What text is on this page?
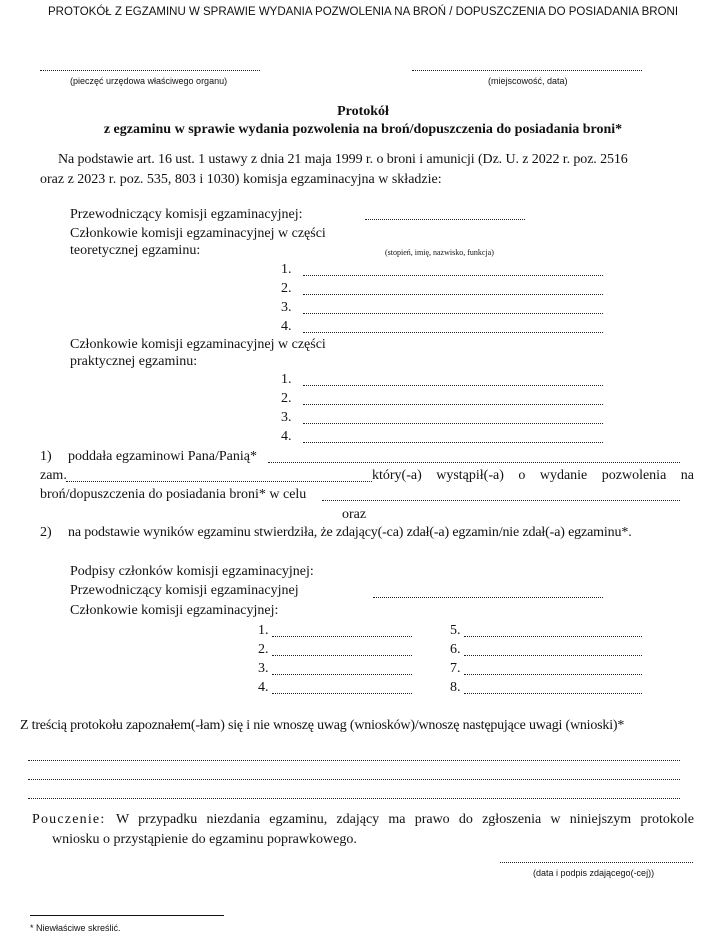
PROTOKÓŁ Z EGZAMINU W SPRAWIE WYDANIA POZWOLENIA NA BROŃ / DOPUSZCZENIA DO POSIADANIA BRONI
(pieczęć urzędowa właściwego organu)	(miejscowość, data)
Protokół
z egzaminu w sprawie wydania pozwolenia na broń/dopuszczenia do posiadania broni*
Na podstawie art. 16 ust. 1 ustawy z dnia 21 maja 1999 r. o broni i amunicji (Dz. U. z 2022 r. poz. 2516
oraz z 2023 r. poz. 535, 803 i 1030) komisja egzaminacyjna w składzie:
Przewodniczący komisji egzaminacyjnej:
Członkowie komisji egzaminacyjnej w części
teoretycznej egzaminu:	(stopień, imię, nazwisko, funkcja)
1.
2.
3.
4.
Członkowie komisji egzaminacyjnej w części
praktycznej egzaminu:
1.
2.
3.
4.
1) poddała egzaminowi Pana/Panią*
zam.	który(-a) wystąpił(-a) o wydanie pozwolenia na
broń/dopuszczenia do posiadania broni* w celu
oraz
2) na podstawie wyników egzaminu stwierdziła, że zdający(-ca) zdał(-a) egzamin/nie zdał(-a) egzaminu*.
Podpisy członków komisji egzaminacyjnej:
Przewodniczący komisji egzaminacyjnej
Członkowie komisji egzaminacyjnej:
1.
2.
3.
4.
5.
6.
7.
8.
Z treścią protokołu zapoznałem(-łam) się i nie wnoszę uwag (wniosków)/wnoszę następujące uwagi (wnioski)*
Pouczenie: W przypadku niezdania egzaminu, zdający ma prawo do zgłoszenia w niniejszym protokole
wniosku o przystąpienie do egzaminu poprawkowego.
(data i podpis zdającego(-cej))
* Niewłaściwe skreślić.
